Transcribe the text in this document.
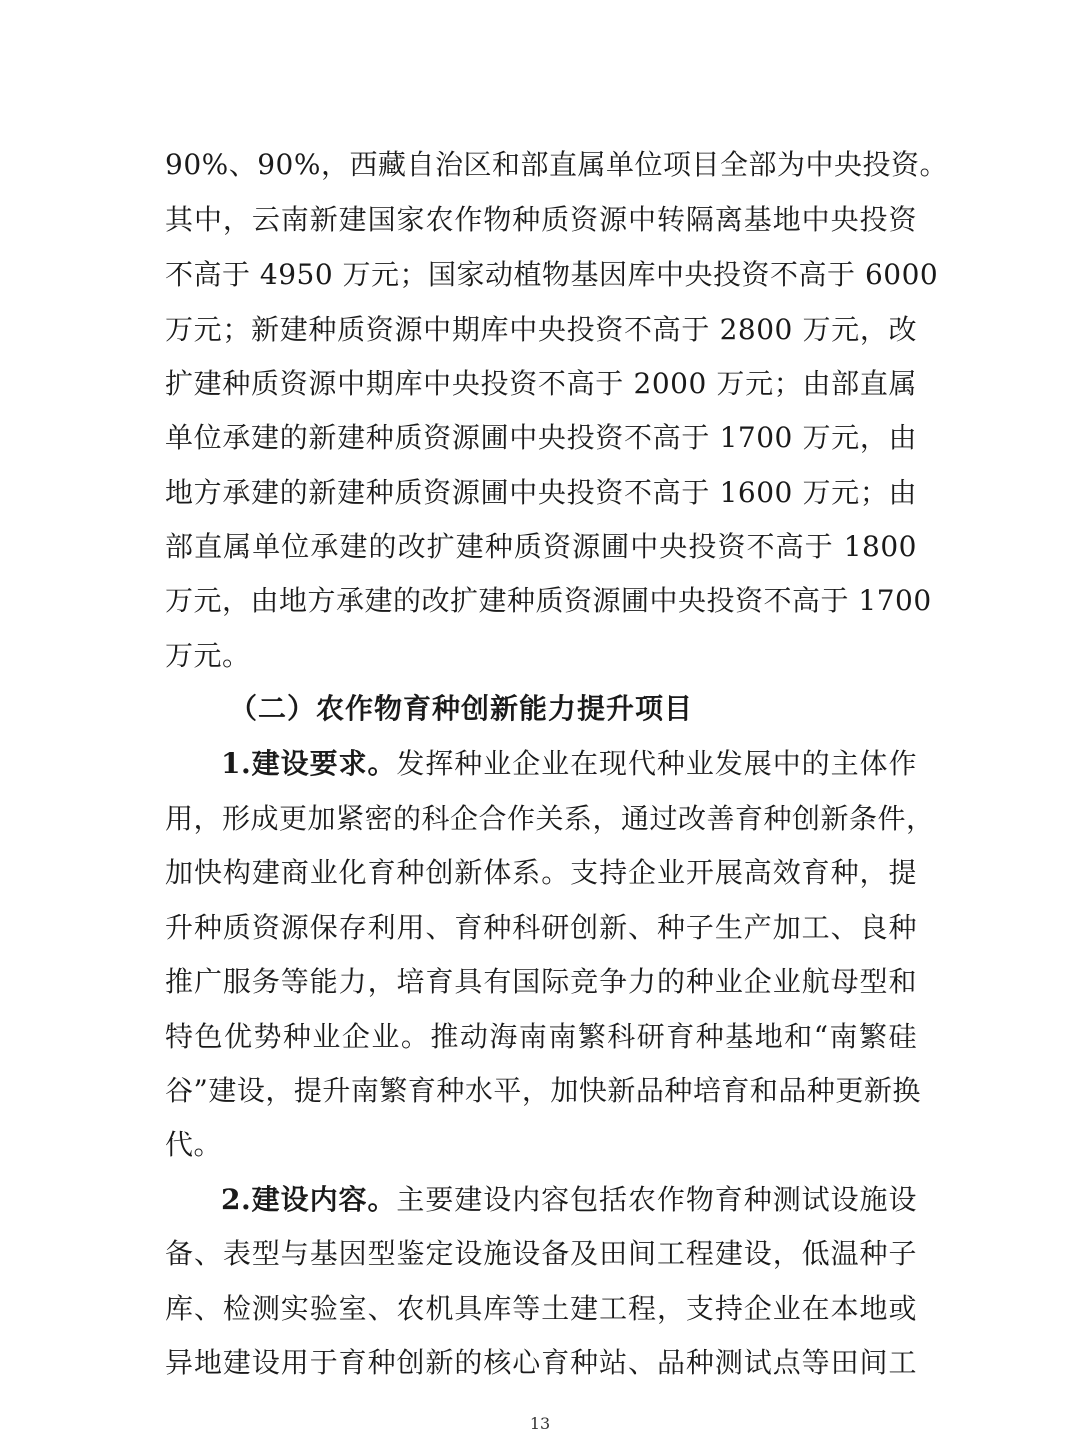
90%、90%，西藏自治区和部直属单位项目全部为中央投资。
其中，云南新建国家农作物种质资源中转隔离基地中央投资
不高于 4950 万元；国家动植物基因库中央投资不高于 6000
万元；新建种质资源中期库中央投资不高于 2800 万元，改
扩建种质资源中期库中央投资不高于 2000 万元；由部直属
单位承建的新建种质资源圃中央投资不高于 1700 万元，由
地方承建的新建种质资源圃中央投资不高于 1600 万元；由
部直属单位承建的改扩建种质资源圃中央投资不高于 1800
万元，由地方承建的改扩建种质资源圃中央投资不高于 1700
万元。
（二）农作物育种创新能力提升项目
1.建设要求。发挥种业企业在现代种业发展中的主体作
用，形成更加紧密的科企合作关系，通过改善育种创新条件，
加快构建商业化育种创新体系。支持企业开展高效育种，提
升种质资源保存利用、育种科研创新、种子生产加工、良种
推广服务等能力，培育具有国际竞争力的种业企业航母型和
特色优势种业企业。推动海南南繁科研育种基地和“南繁硅
谷”建设，提升南繁育种水平，加快新品种培育和品种更新换
代。
2.建设内容。主要建设内容包括农作物育种测试设施设
备、表型与基因型鉴定设施设备及田间工程建设，低温种子
库、检测实验室、农机具库等土建工程，支持企业在本地或
异地建设用于育种创新的核心育种站、品种测试点等田间工
13
